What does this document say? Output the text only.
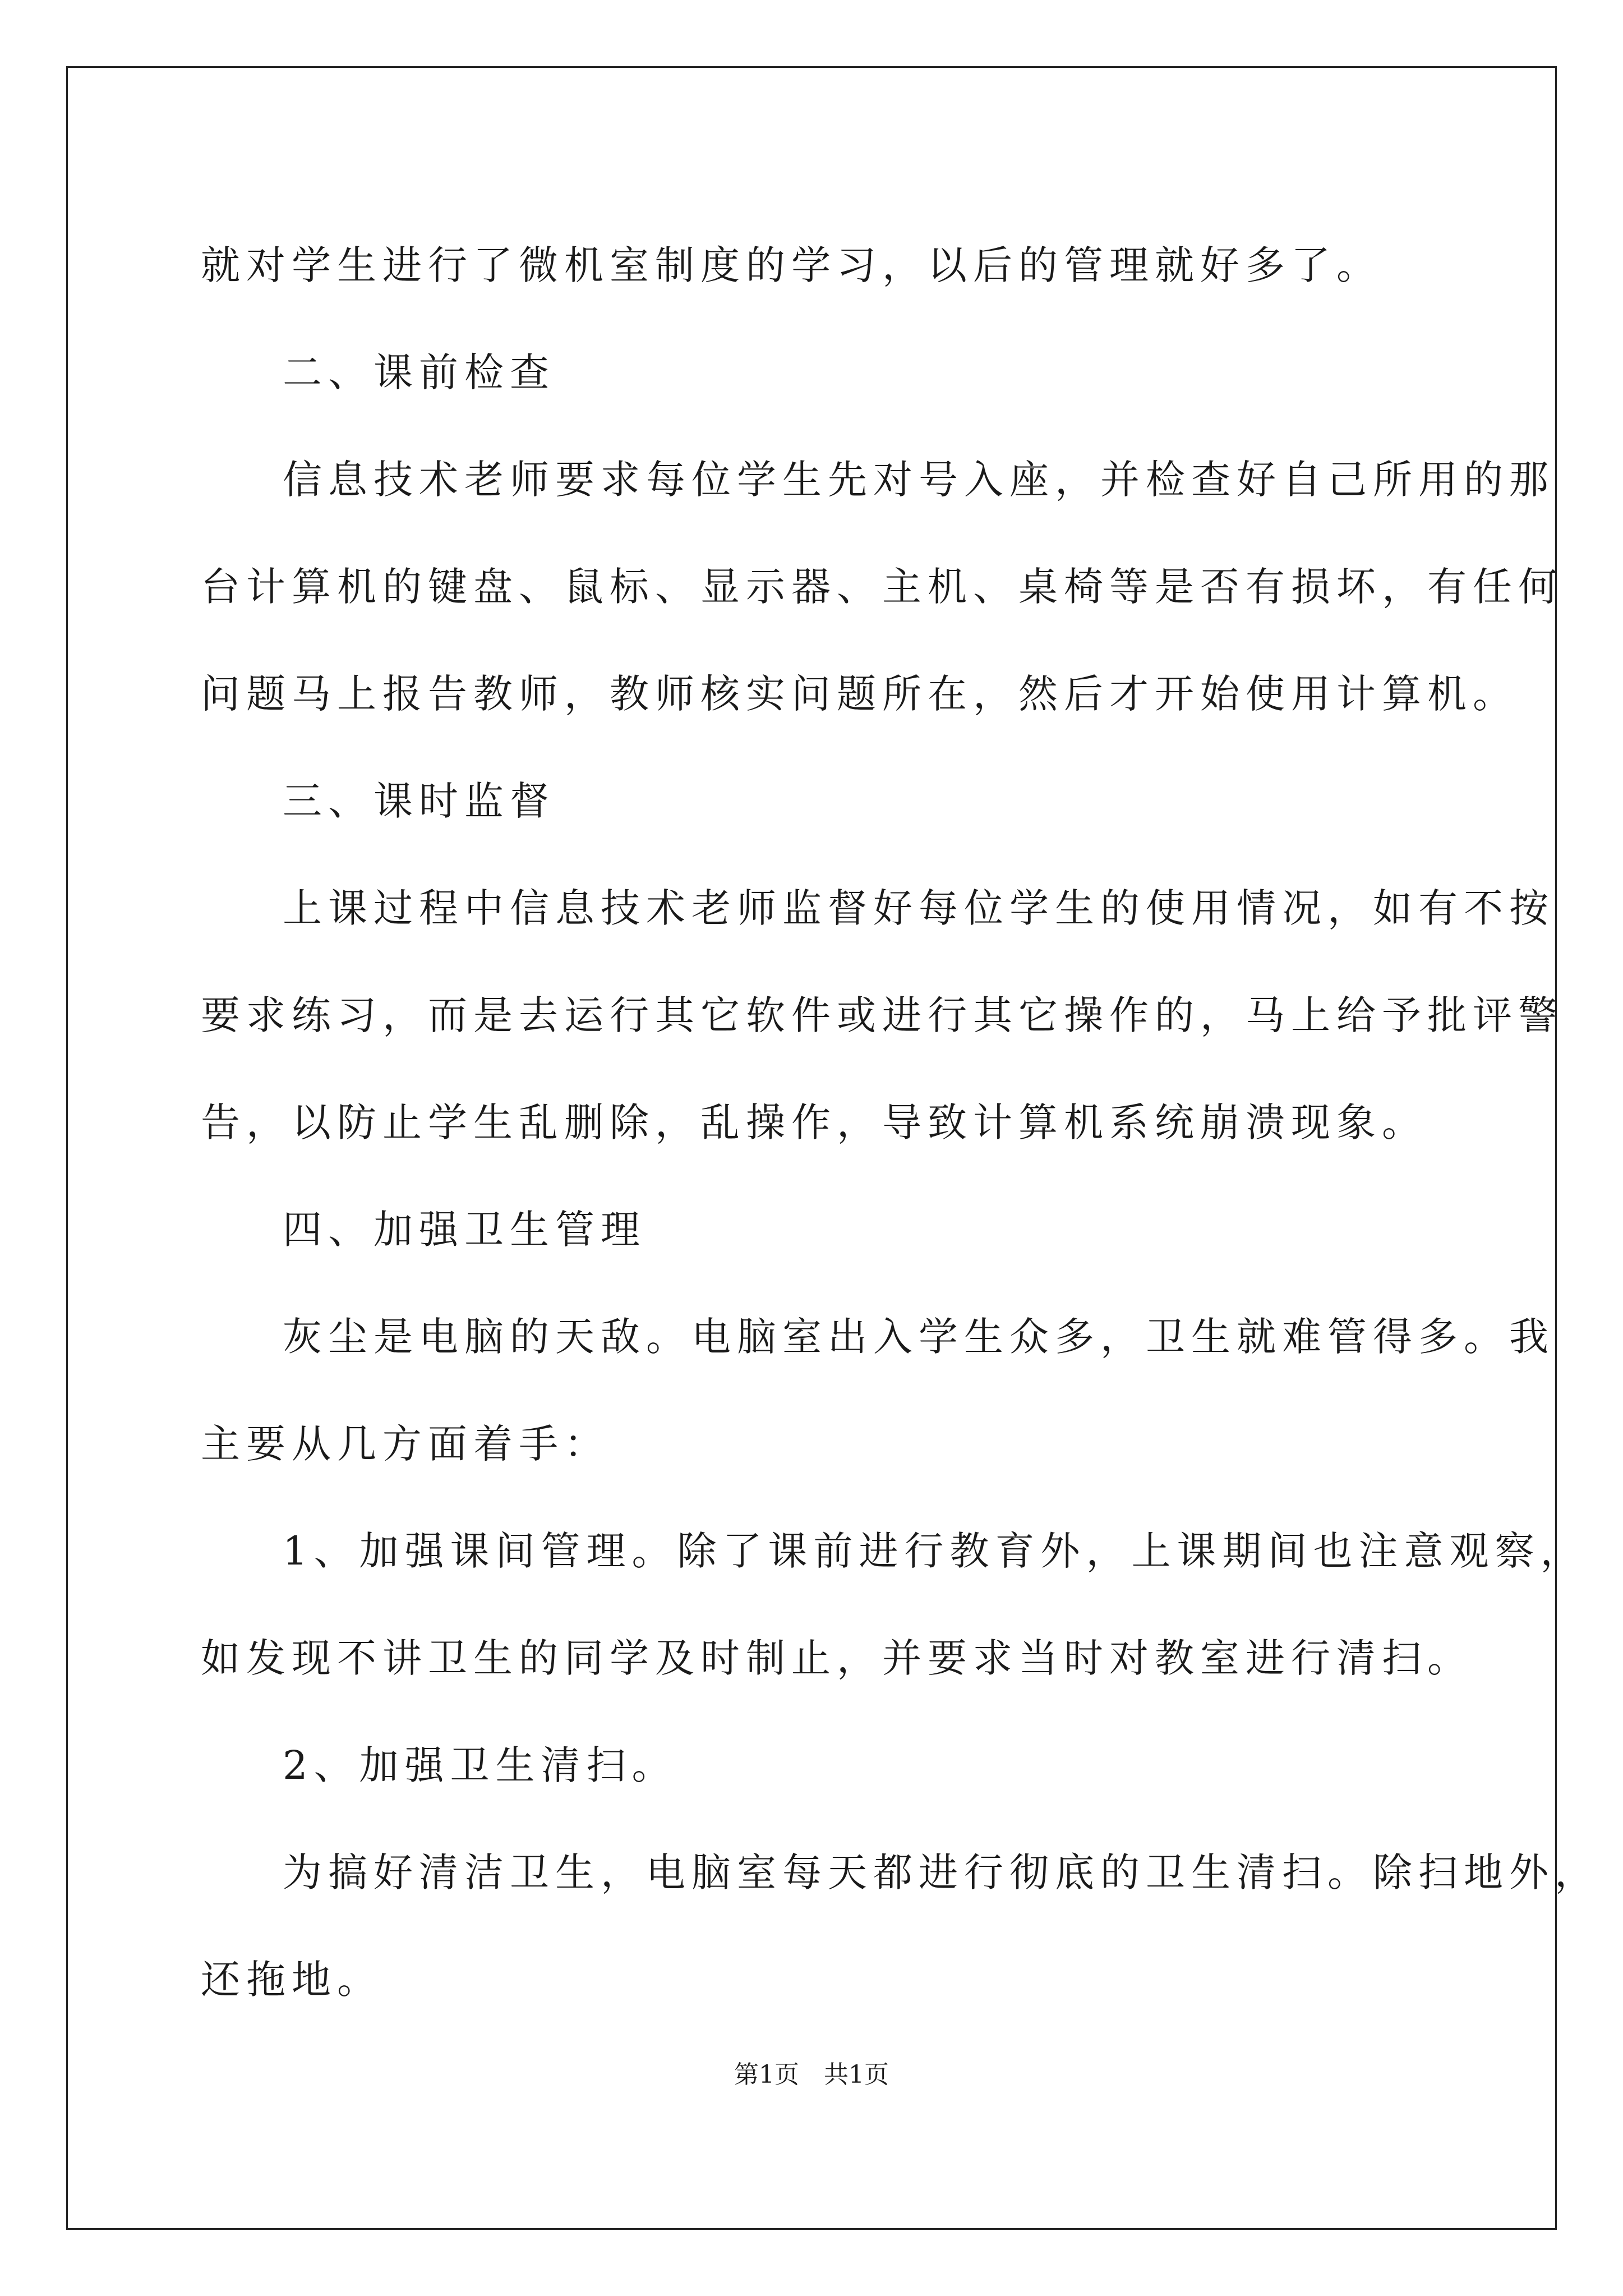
就对学生进行了微机室制度的学习，以后的管理就好多了。

二、课前检查

信息技术老师要求每位学生先对号入座，并检查好自己所用的那

台计算机的键盘、鼠标、显示器、主机、桌椅等是否有损坏，有任何

问题马上报告教师，教师核实问题所在，然后才开始使用计算机。

三、课时监督

上课过程中信息技术老师监督好每位学生的使用情况，如有不按

要求练习，而是去运行其它软件或进行其它操作的，马上给予批评警

告，以防止学生乱删除，乱操作，导致计算机系统崩溃现象。

四、加强卫生管理

灰尘是电脑的天敌。电脑室出入学生众多，卫生就难管得多。我

主要从几方面着手：

1、加强课间管理。除了课前进行教育外，上课期间也注意观察，

如发现不讲卫生的同学及时制止，并要求当时对教室进行清扫。

2、加强卫生清扫。

为搞好清洁卫生，电脑室每天都进行彻底的卫生清扫。除扫地外，

还拖地。

第1页 共1页
